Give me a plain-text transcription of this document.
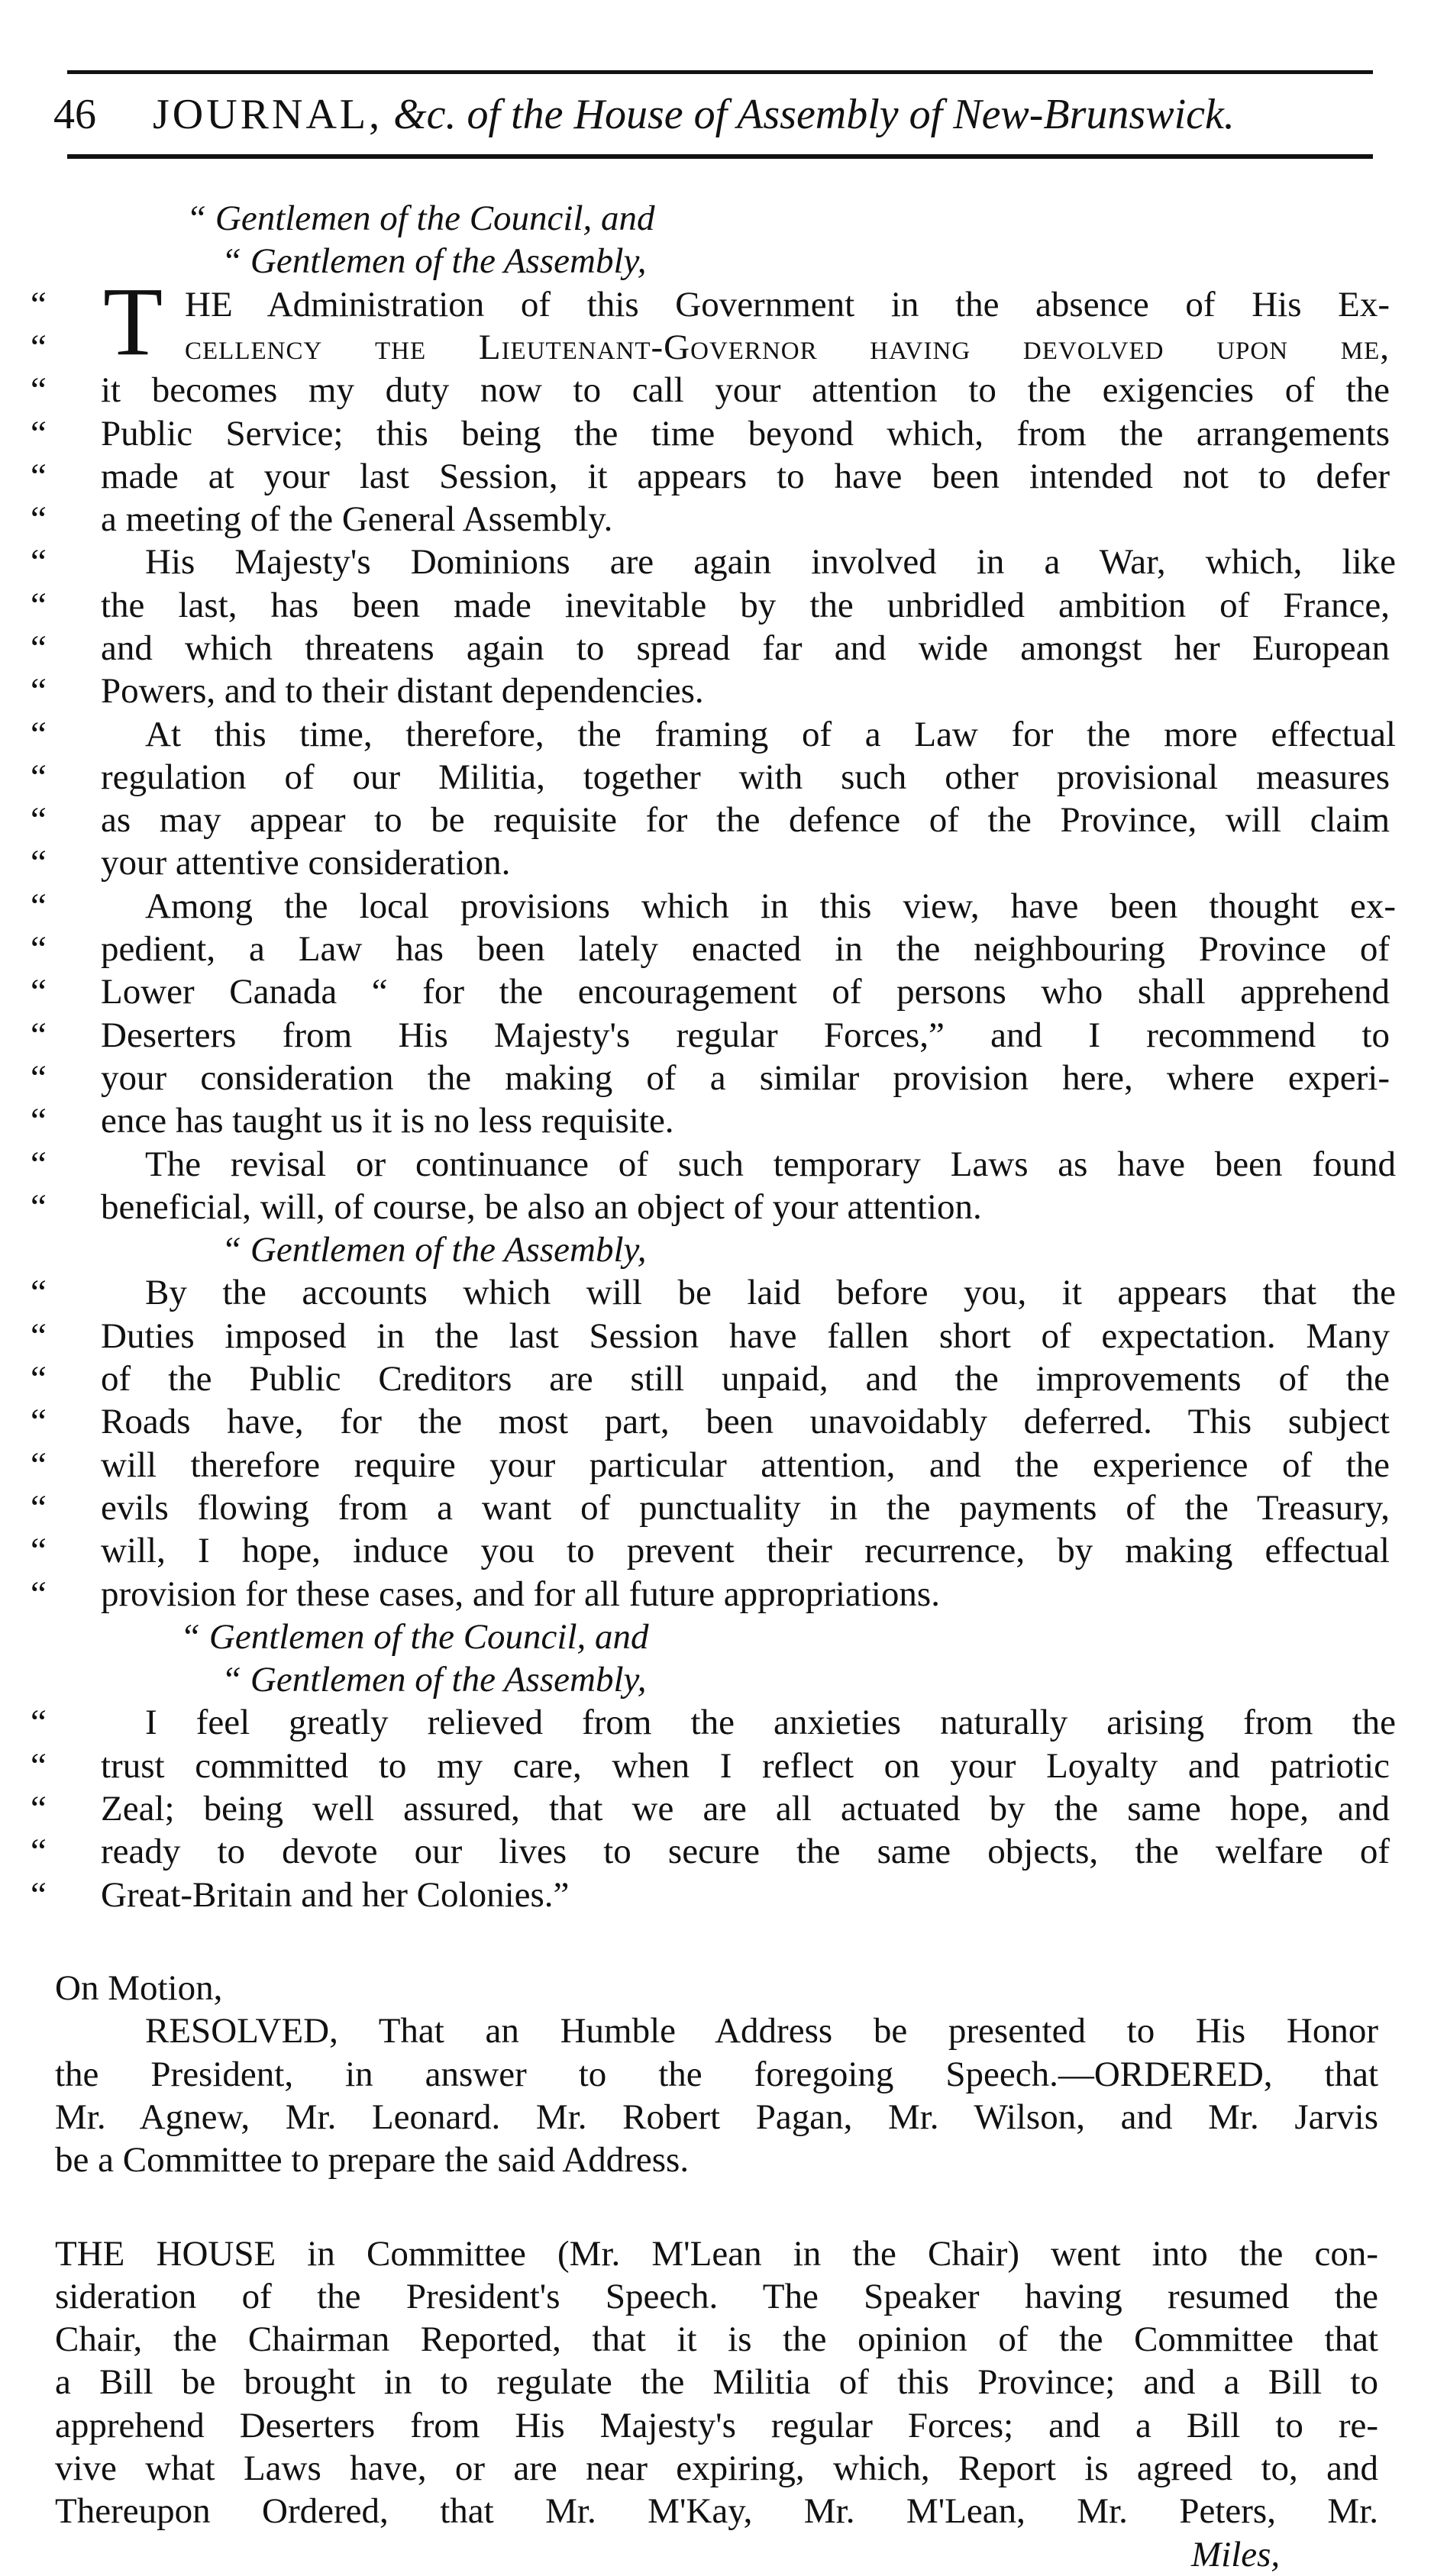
46 JOURNAL, &c. of the House of Assembly of New-Brunswick.
“ Gentlemen of the Council, and
“ Gentlemen of the Assembly,
T
“	HE Administration of this Government in the absence of His Ex-
“	cellency the Lieutenant-Governor having devolved upon me,
“ it becomes my duty now to call your attention to the exigencies of the
“ Public Service; this being the time beyond which, from the arrangements
“ made at your last Session, it appears to have been intended not to defer
“ a meeting of the General Assembly.
“	His Majesty's Dominions are again involved in a War, which, like
“ the last, has been made inevitable by the unbridled ambition of France,
“ and which threatens again to spread far and wide amongst her European
“ Powers, and to their distant dependencies.
“	At this time, therefore, the framing of a Law for the more effectual
“ regulation of our Militia, together with such other provisional measures
“ as may appear to be requisite for the defence of the Province, will claim
“ your attentive consideration.
“	Among the local provisions which in this view, have been thought ex-
“ pedient, a Law has been lately enacted in the neighbouring Province of
“ Lower Canada “ for the encouragement of persons who shall apprehend
“ Deserters from His Majesty's regular Forces,” and I recommend to
“ your consideration the making of a similar provision here, where experi-
“ ence has taught us it is no less requisite.
“	The revisal or continuance of such temporary Laws as have been found
“ beneficial, will, of course, be also an object of your attention.
“ Gentlemen of the Assembly,
“	By the accounts which will be laid before you, it appears that the
“ Duties imposed in the last Session have fallen short of expectation. Many
“ of the Public Creditors are still unpaid, and the improvements of the
“ Roads have, for the most part, been unavoidably deferred. This subject
“ will therefore require your particular attention, and the experience of the
“ evils flowing from a want of punctuality in the payments of the Treasury,
“ will, I hope, induce you to prevent their recurrence, by making effectual
“ provision for these cases, and for all future appropriations.
“ Gentlemen of the Council, and
“ Gentlemen of the Assembly,
“	I feel greatly relieved from the anxieties naturally arising from the
“ trust committed to my care, when I reflect on your Loyalty and patriotic
“ Zeal; being well assured, that we are all actuated by the same hope, and
“ ready to devote our lives to secure the same objects, the welfare of
“ Great-Britain and her Colonies.”
On Motion,
RESOLVED, That an Humble Address be presented to His Honor
the President, in answer to the foregoing Speech.—ORDERED, that
Mr. Agnew, Mr. Leonard. Mr. Robert Pagan, Mr. Wilson, and Mr. Jarvis
be a Committee to prepare the said Address.
THE HOUSE in Committee (Mr. M'Lean in the Chair) went into the con-
sideration of the President's Speech. The Speaker having resumed the
Chair, the Chairman Reported, that it is the opinion of the Committee that
a Bill be brought in to regulate the Militia of this Province; and a Bill to
apprehend Deserters from His Majesty's regular Forces; and a Bill to re-
vive what Laws have, or are near expiring, which, Report is agreed to, and
Thereupon Ordered, that Mr. M'Kay, Mr. M'Lean, Mr. Peters, Mr.
Miles,
